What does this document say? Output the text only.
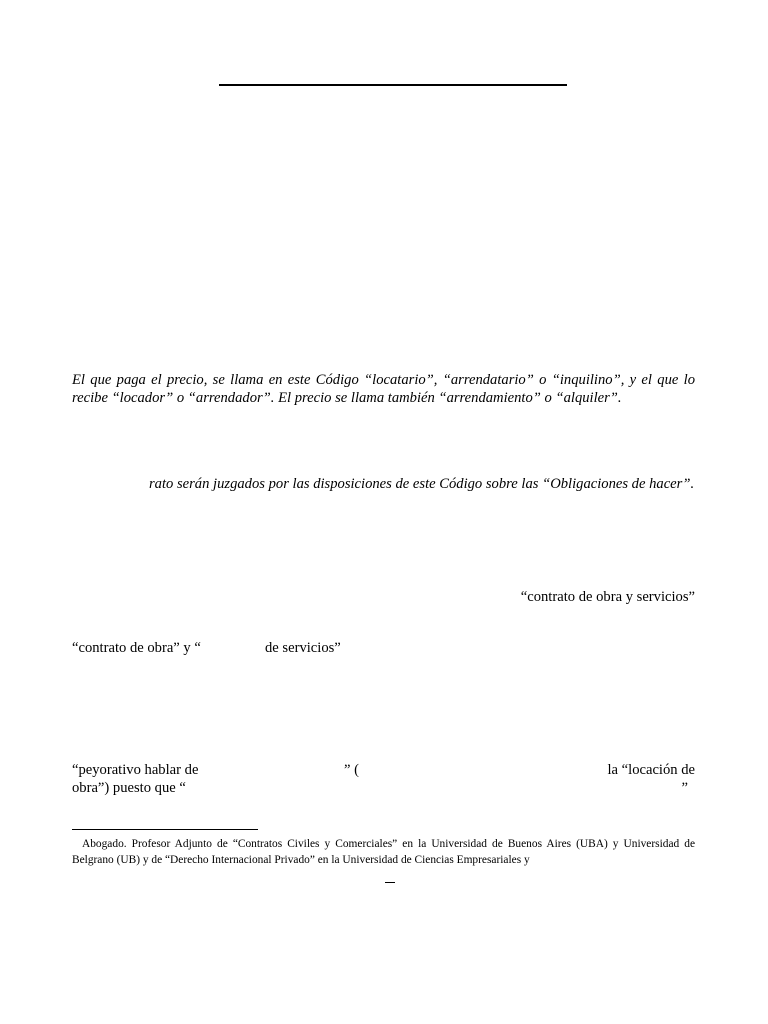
El que paga el precio, se llama en este Código “locatario”, “arrendatario” o “inquilino”, y el que lo recibe “locador” o “arrendador”. El precio se llama también “arrendamiento” o “alquiler”.
rato serán juzgados por las disposiciones de este Código sobre las “Obligaciones de hacer”.
“contrato de obra y servicios”
“contrato de obra” y “	de servicios”
“peyorativo hablar de	” (	la “locación de
obra”) puesto que “	”
Abogado. Profesor Adjunto de “Contratos Civiles y Comerciales” en la Universidad de Buenos Aires (UBA) y Universidad de Belgrano (UB) y de “Derecho Internacional Privado” en la Universidad de Ciencias Empresariales y
